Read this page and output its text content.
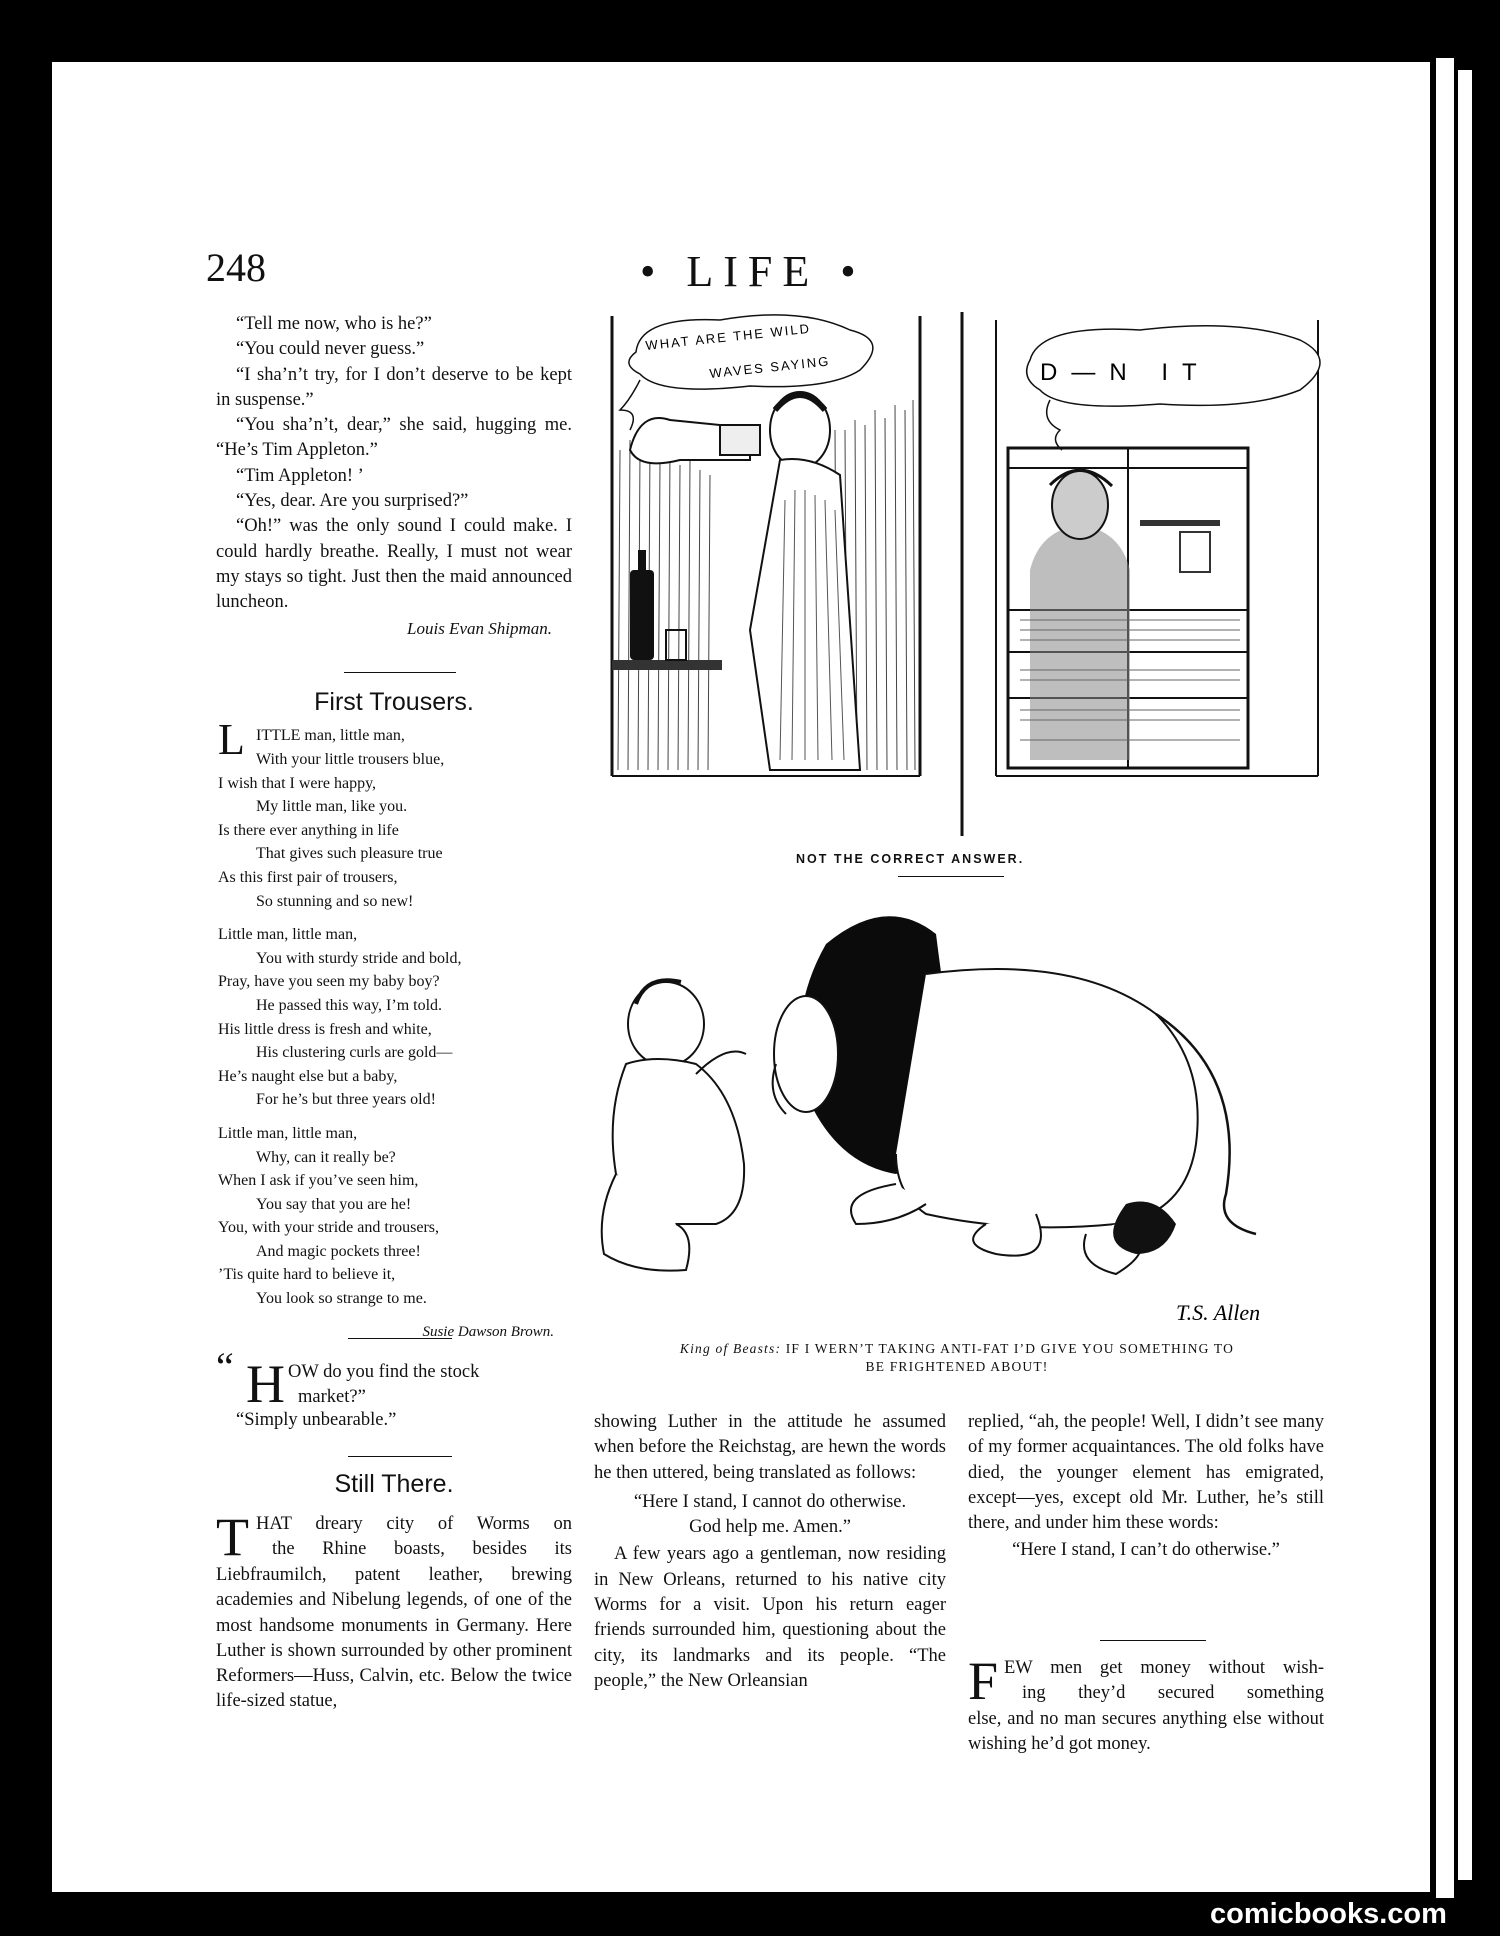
248	• LIFE •

“Tell me now, who is he?”

“You could never guess.”

“I sha’n’t try, for I don’t deserve to be kept in suspense.”

“You sha’n’t, dear,” she said, hugging me. “He’s Tim Appleton.”

“Tim Appleton! ’

“Yes, dear. Are you surprised?”

“Oh!” was the only sound I could make. I could hardly breathe. Really, I must not wear my stays so tight. Just then the maid announced luncheon.

Louis Evan Shipman.

First Trousers.
L ITTLE man, little man,
With your little trousers blue,
I wish that I were happy,
My little man, like you.
Is there ever anything in life
That gives such pleasure true
As this first pair of trousers,
So stunning and so new!
Little man, little man,
You with sturdy stride and bold,
Pray, have you seen my baby boy?
He passed this way, I’m told.
His little dress is fresh and white,
His clustering curls are gold—
He’s naught else but a baby,
For he’s but three years old!
Little man, little man,
Why, can it really be?
When I ask if you’ve seen him,
You say that you are he!
You, with your stride and trousers,
And magic pockets three!
’Tis quite hard to believe it,
You look so strange to me.
Susie Dawson Brown.
“ H OW do you find the stock
market?”
“Simply unbearable.”
Still There.
T HAT dreary city of Worms on
the Rhine boasts, besides its

Liebfraumilch, patent leather, brewing academies and Nibelung legends, of one of the most handsome monuments in Germany. Here Luther is shown surrounded by other prominent Reformers—Huss, Calvin, etc. Below the twice life-sized statue,

showing Luther in the attitude he assumed when before the Reichstag, are hewn the words he then uttered, being translated as follows:

“Here I stand, I cannot do otherwise.

God help me. Amen.”

A few years ago a gentleman, now residing in New Orleans, returned to his native city Worms for a visit. Upon his return eager friends surrounded him, questioning about the city, its landmarks and its people. “The people,” the New Orleansian

replied, “ah, the people! Well, I didn’t see many of my former acquaintances. The old folks have died, the younger element has emigrated, except—yes, except old Mr. Luther, he’s still there, and under him these words:

“Here I stand, I can’t do otherwise.”

F EW men get money without wish-
ing they’d secured something

else, and no man secures anything else without wishing he’d got money.

WHAT ARE THE WILD
WAVES SAYING	D—N IT
NOT THE CORRECT ANSWER.
T.S. Allen
King of Beasts: IF I WERN’T TAKING ANTI-FAT I’D GIVE YOU SOMETHING TO
BE FRIGHTENED ABOUT!
comicbooks.com
